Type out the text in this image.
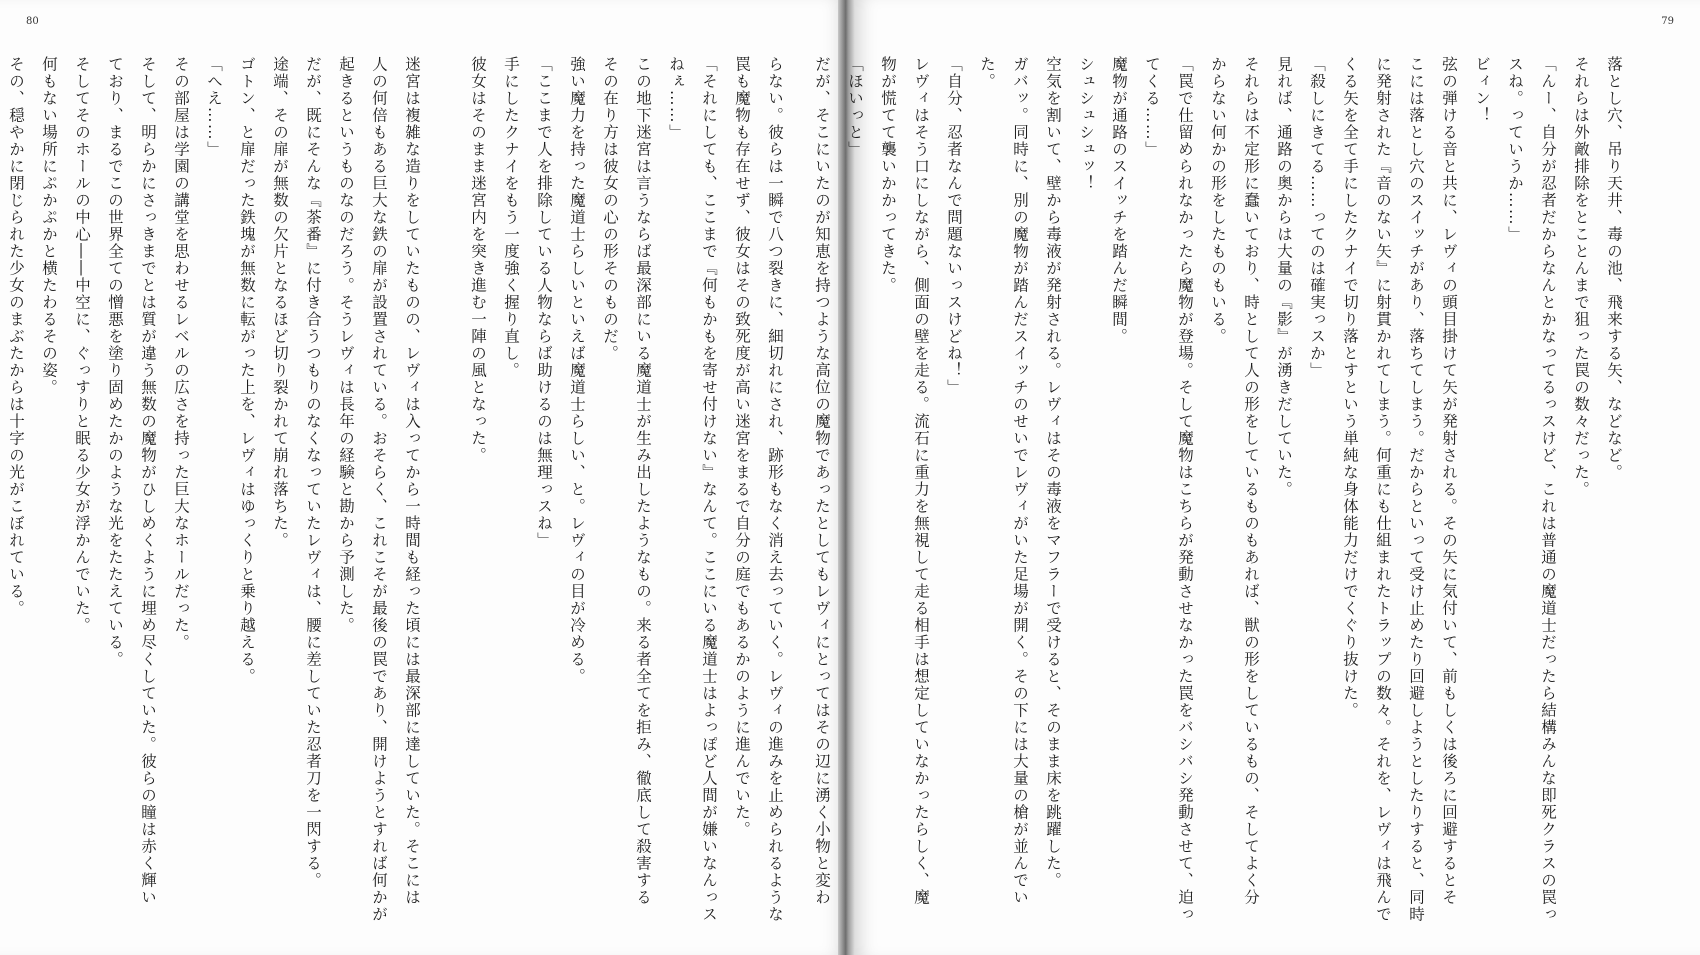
80
らない。彼らは一瞬で八つ裂きに、細切れにされ、跡形もなく消え去っていく。レヴィの進みを止められるような
罠も魔物も存在せず、彼女はその致死度が高い迷宮をまるで自分の庭でもあるかのように進んでいた。
「それにしても、ここまで『何もかもを寄せ付けない』なんて。ここにいる魔道士はよっぽど人間が嫌いなんっス
ねぇ……」
この地下迷宮は言うならば最深部にいる魔道士が生み出したようなもの。来る者全てを拒み、徹底して殺害する
その在り方は彼女の心の形そのものだ。
強い魔力を持った魔道士らしいといえば魔道士らしい、と。レヴィの目が冷める。
「ここまで人を排除している人物ならば助けるのは無理っスね」
手にしたクナイをもう一度強く握り直し。
彼女はそのまま迷宮内を突き進む一陣の風となった。
迷宮は複雑な造りをしていたものの、レヴィは入ってから一時間も経った頃には最深部に達していた。そこには
人の何倍もある巨大な鉄の扉が設置されている。おそらく、これこそが最後の罠であり、開けようとすれば何かが
起きるというものなのだろう。そうレヴィは長年の経験と勘から予測した。
だが、既にそんな『茶番』に付き合うつもりのなくなっていたレヴィは、腰に差していた忍者刀を一閃する。
途端、その扉が無数の欠片となるほど切り裂かれて崩れ落ちた。
ゴトン、と扉だった鉄塊が無数に転がった上を、レヴィはゆっくりと乗り越える。
「へえ……」
その部屋は学園の講堂を思わせるレベルの広さを持った巨大なホールだった。
そして、明らかにさっきまでとは質が違う無数の魔物がひしめくように埋め尽くしていた。彼らの瞳は赤く輝い
ており、まるでこの世界全ての憎悪を塗り固めたかのような光をたたえている。
そしてそのホールの中心――中空に、ぐっすりと眠る少女が浮かんでいた。
何もない場所にぷかぷかと横たわるその姿。
その、穏やかに閉じられた少女のまぶたからは十字の光がこぼれている。
79
落とし穴、吊り天井、毒の池、飛来する矢、などなど。
それらは外敵排除をとことんまで狙った罠の数々だった。
「んー、自分が忍者だからなんとかなってるっスけど、これは普通の魔道士だったら結構みんな即死クラスの罠っ
スね。っていうか……」
ビィン！
弦の弾ける音と共に、レヴィの頭目掛けて矢が発射される。その矢に気付いて、前もしくは後ろに回避するとそ
こには落とし穴のスイッチがあり、落ちてしまう。だからといって受け止めたり回避しようとしたりすると、同時
に発射された『音のない矢』に射貫かれてしまう。何重にも仕組まれたトラップの数々。それを、レヴィは飛んで
くる矢を全て手にしたクナイで切り落とすという単純な身体能力だけでくぐり抜けた。
「殺しにきてる……ってのは確実っスか」
見れば、通路の奥からは大量の『影』が湧きだしていた。
それらは不定形に蠢いており、時として人の形をしているものもあれば、獣の形をしているもの、そしてよく分
からない何かの形をしたものもいる。
「罠で仕留められなかったら魔物が登場。そして魔物はこちらが発動させなかった罠をバシバシ発動させて、迫っ
てくる……」
魔物が通路のスイッチを踏んだ瞬間。
シュシュシュッ！
空気を割いて、壁から毒液が発射される。レヴィはその毒液をマフラーで受けると、そのまま床を跳躍した。
ガバッ。同時に、別の魔物が踏んだスイッチのせいでレヴィがいた足場が開く。その下には大量の槍が並んでい
た。
「自分、忍者なんで問題ないっスけどね！」
レヴィはそう口にしながら、側面の壁を走る。流石に重力を無視して走る相手は想定していなかったらしく、魔
物が慌てて襲いかかってきた。
「ほいっと」
だが、そこにいたのが知恵を持つような高位の魔物であったとしてもレヴィにとってはその辺に湧く小物と変わ
